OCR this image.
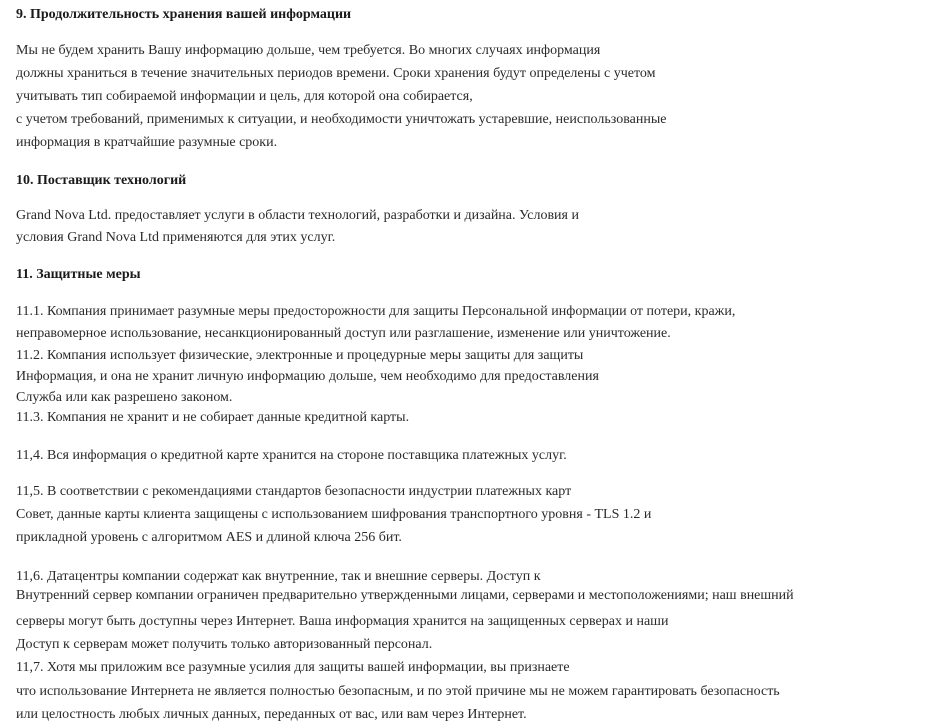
9. Продолжительность хранения вашей информации
Мы не будем хранить Вашу информацию дольше, чем требуется. Во многих случаях информация
должны храниться в течение значительных периодов времени. Сроки хранения будут определены с учетом
учитывать тип собираемой информации и цель, для которой она собирается,
с учетом требований, применимых к ситуации, и необходимости уничтожать устаревшие, неиспользованные
информация в кратчайшие разумные сроки.
10. Поставщик технологий
Grand Nova Ltd. предоставляет услуги в области технологий, разработки и дизайна. Условия и
условия Grand Nova Ltd применяются для этих услуг.
11. Защитные меры
11.1. Компания принимает разумные меры предосторожности для защиты Персональной информации от потери, кражи,
неправомерное использование, несанкционированный доступ или разглашение, изменение или уничтожение.
11.2. Компания использует физические, электронные и процедурные меры защиты для защиты
Информация, и она не хранит личную информацию дольше, чем необходимо для предоставления
Служба или как разрешено законом.
11.3. Компания не хранит и не собирает данные кредитной карты.
11,4. Вся информация о кредитной карте хранится на стороне поставщика платежных услуг.
11,5. В соответствии с рекомендациями стандартов безопасности индустрии платежных карт
Совет, данные карты клиента защищены с использованием шифрования транспортного уровня - TLS 1.2 и
прикладной уровень с алгоритмом AES и длиной ключа 256 бит.
11,6. Датацентры компании содержат как внутренние, так и внешние серверы. Доступ к
Внутренний сервер компании ограничен предварительно утвержденными лицами, серверами и местоположениями; наш внешний
серверы могут быть доступны через Интернет. Ваша информация хранится на защищенных серверах и наши
Доступ к серверам может получить только авторизованный персонал.
11,7. Хотя мы приложим все разумные усилия для защиты вашей информации, вы признаете
что использование Интернета не является полностью безопасным, и по этой причине мы не можем гарантировать безопасность
или целостность любых личных данных, переданных от вас, или вам через Интернет.
